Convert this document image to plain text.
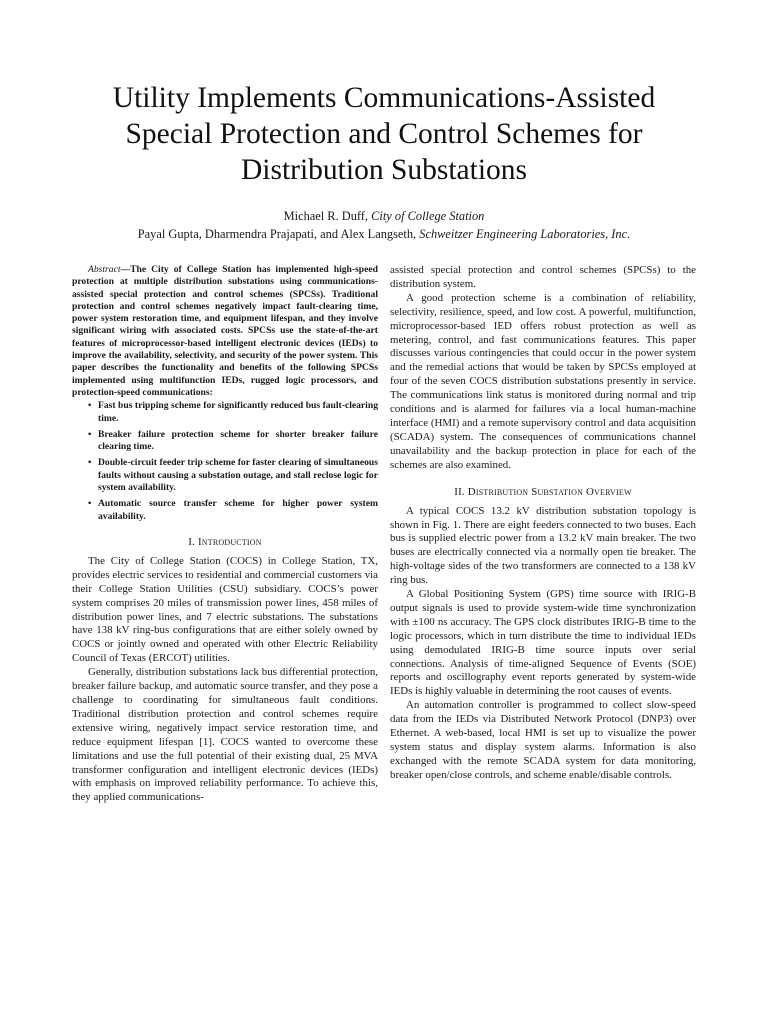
Utility Implements Communications-Assisted
Special Protection and Control Schemes for
Distribution Substations
Michael R. Duff, City of College Station
Payal Gupta, Dharmendra Prajapati, and Alex Langseth, Schweitzer Engineering Laboratories, Inc.

Abstract—The City of College Station has implemented high-speed protection at multiple distribution substations using communications-assisted special protection and control schemes (SPCSs). Traditional protection and control schemes negatively impact fault-clearing time, power system restoration time, and equipment lifespan, and they involve significant wiring with associated costs. SPCSs use the state-of-the-art features of microprocessor-based intelligent electronic devices (IEDs) to improve the availability, selectivity, and security of the power system. This paper describes the functionality and benefits of the following SPCSs implemented using multifunction IEDs, rugged logic processors, and protection-speed communications:

• Fast bus tripping scheme for significantly reduced bus fault-clearing time.
• Breaker failure protection scheme for shorter breaker failure clearing time.
• Double-circuit feeder trip scheme for faster clearing of simultaneous faults without causing a substation outage, and stall reclose logic for system availability.
• Automatic source transfer scheme for higher power system availability.
I. Introduction

The City of College Station (COCS) in College Station, TX, provides electric services to residential and commercial customers via their College Station Utilities (CSU) subsidiary. COCS’s power system comprises 20 miles of transmission power lines, 458 miles of distribution power lines, and 7 electric substations. The substations have 138 kV ring-bus configurations that are either solely owned by COCS or jointly owned and operated with other Electric Reliability Council of Texas (ERCOT) utilities.

Generally, distribution substations lack bus differential protection, breaker failure backup, and automatic source transfer, and they pose a challenge to coordinating for simultaneous fault conditions. Traditional distribution protection and control schemes require extensive wiring, negatively impact service restoration time, and reduce equipment lifespan [1]. COCS wanted to overcome these limitations and use the full potential of their existing dual, 25 MVA transformer configuration and intelligent electronic devices (IEDs) with emphasis on improved reliability performance. To achieve this, they applied communications-

assisted special protection and control schemes (SPCSs) to the distribution system.

A good protection scheme is a combination of reliability, selectivity, resilience, speed, and low cost. A powerful, multifunction, microprocessor-based IED offers robust protection as well as metering, control, and fast communications features. This paper discusses various contingencies that could occur in the power system and the remedial actions that would be taken by SPCSs employed at four of the seven COCS distribution substations presently in service. The communications link status is monitored during normal and trip conditions and is alarmed for failures via a local human-machine interface (HMI) and a remote supervisory control and data acquisition (SCADA) system. The consequences of communications channel unavailability and the backup protection in place for each of the schemes are also examined.

II. Distribution Substation Overview

A typical COCS 13.2 kV distribution substation topology is shown in Fig. 1. There are eight feeders connected to two buses. Each bus is supplied electric power from a 13.2 kV main breaker. The two buses are electrically connected via a normally open tie breaker. The high-voltage sides of the two transformers are connected to a 138 kV ring bus.

A Global Positioning System (GPS) time source with IRIG-B output signals is used to provide system-wide time synchronization with ±100 ns accuracy. The GPS clock distributes IRIG-B time to the logic processors, which in turn distribute the time to individual IEDs using demodulated IRIG-B time source inputs over serial connections. Analysis of time-aligned Sequence of Events (SOE) reports and oscillography event reports generated by system-wide IEDs is highly valuable in determining the root causes of events.

An automation controller is programmed to collect slow-speed data from the IEDs via Distributed Network Protocol (DNP3) over Ethernet. A web-based, local HMI is set up to visualize the power system status and display system alarms. Information is also exchanged with the remote SCADA system for data monitoring, breaker open/close controls, and scheme enable/disable controls.
